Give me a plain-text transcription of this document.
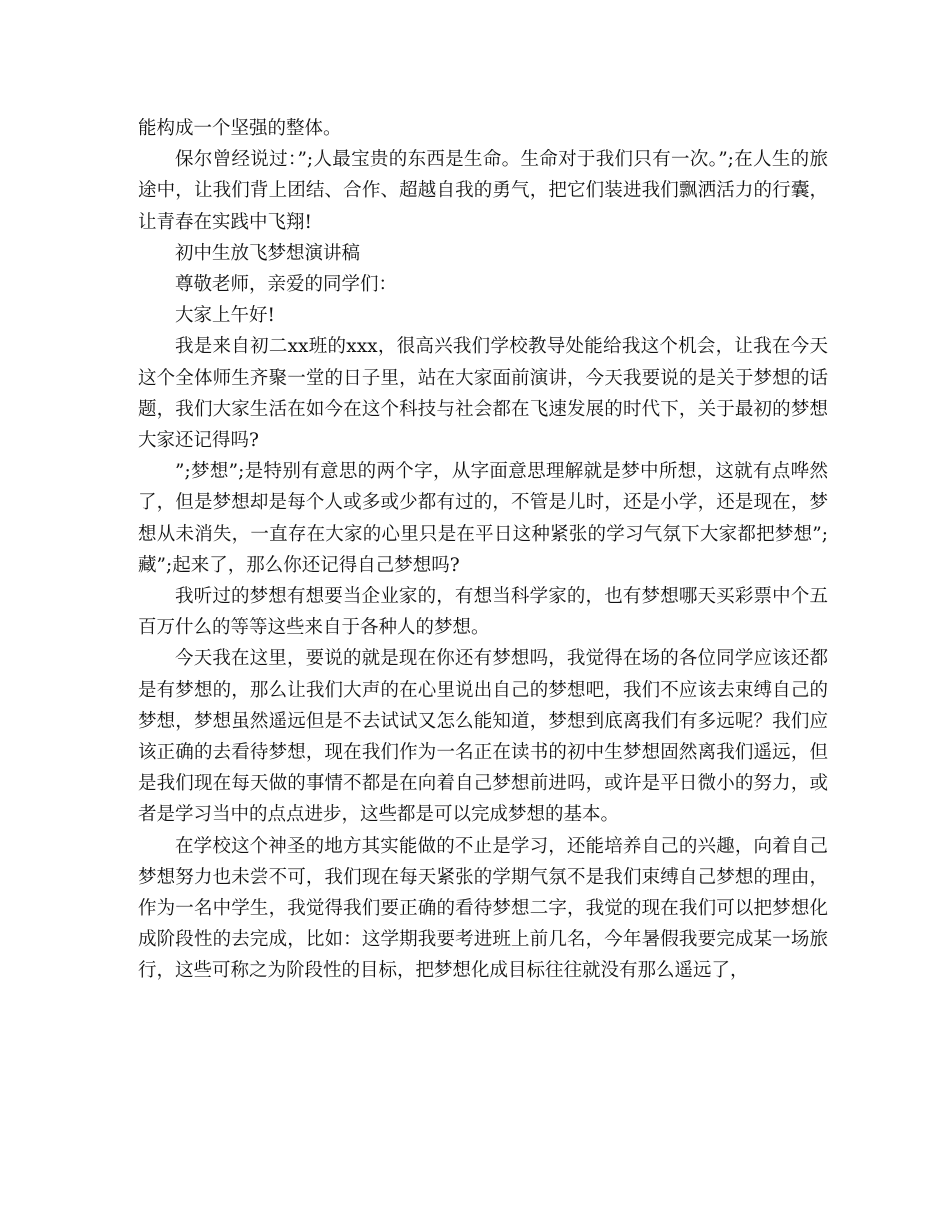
能构成一个坚强的整体。

保尔曾经说过：”;人最宝贵的东西是生命。生命对于我们只有一次。”;在人生的旅途中，让我们背上团结、合作、超越自我的勇气，把它们装进我们飘洒活力的行囊，让青春在实践中飞翔!

初中生放飞梦想演讲稿

尊敬老师，亲爱的同学们：

大家上午好!

我是来自初二xx班的xxx，很高兴我们学校教导处能给我这个机会，让我在今天这个全体师生齐聚一堂的日子里，站在大家面前演讲，今天我要说的是关于梦想的话题，我们大家生活在如今在这个科技与社会都在飞速发展的时代下，关于最初的梦想大家还记得吗?

”;梦想”;是特别有意思的两个字，从字面意思理解就是梦中所想，这就有点哗然了，但是梦想却是每个人或多或少都有过的，不管是儿时，还是小学，还是现在，梦想从未消失，一直存在大家的心里只是在平日这种紧张的学习气氛下大家都把梦想”;藏”;起来了，那么你还记得自己梦想吗?

我听过的梦想有想要当企业家的，有想当科学家的，也有梦想哪天买彩票中个五百万什么的等等这些来自于各种人的梦想。

今天我在这里，要说的就是现在你还有梦想吗，我觉得在场的各位同学应该还都是有梦想的，那么让我们大声的在心里说出自己的梦想吧，我们不应该去束缚自己的梦想，梦想虽然遥远但是不去试试又怎么能知道，梦想到底离我们有多远呢？我们应该正确的去看待梦想，现在我们作为一名正在读书的初中生梦想固然离我们遥远，但是我们现在每天做的事情不都是在向着自己梦想前进吗，或许是平日微小的努力，或者是学习当中的点点进步，这些都是可以完成梦想的基本。

在学校这个神圣的地方其实能做的不止是学习，还能培养自己的兴趣，向着自己梦想努力也未尝不可，我们现在每天紧张的学期气氛不是我们束缚自己梦想的理由，作为一名中学生，我觉得我们要正确的看待梦想二字，我觉的现在我们可以把梦想化成阶段性的去完成，比如：这学期我要考进班上前几名，今年暑假我要完成某一场旅行，这些可称之为阶段性的目标，把梦想化成目标往往就没有那么遥远了，
